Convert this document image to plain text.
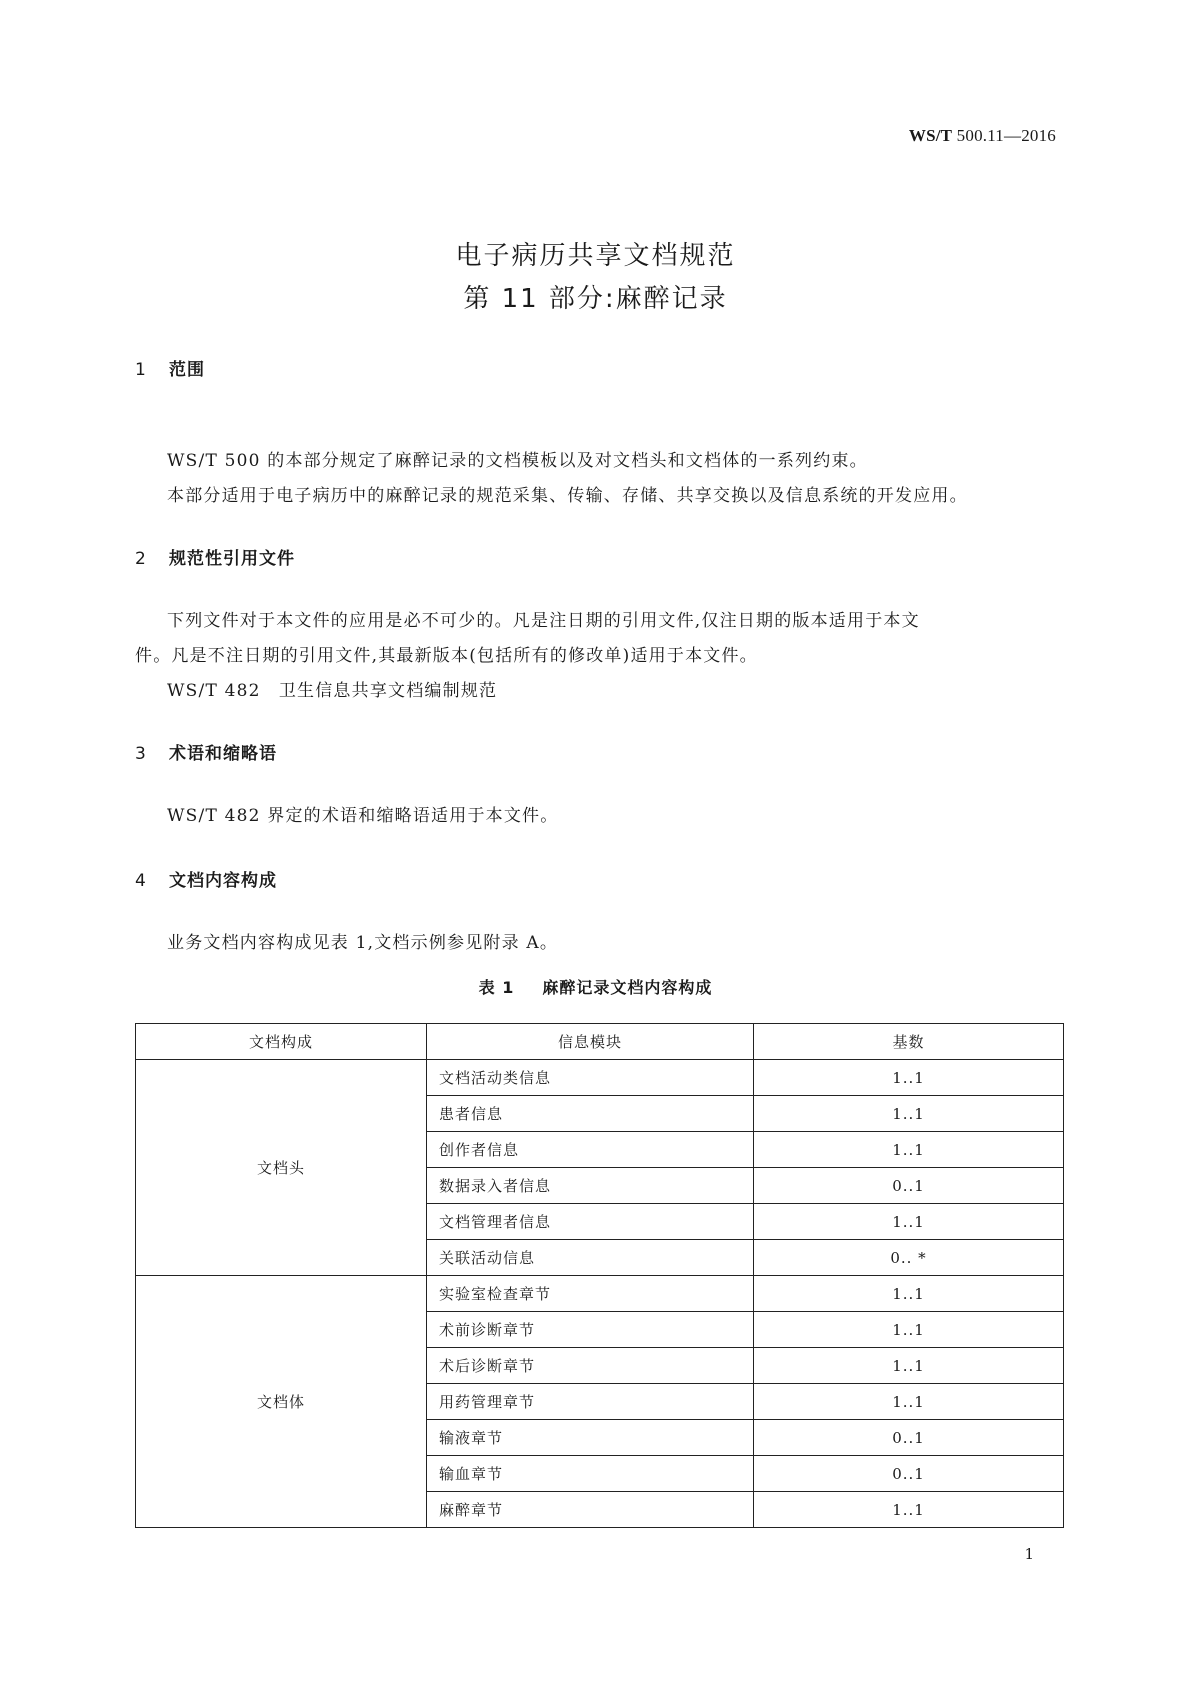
WS/T 500.11—2016
电子病历共享文档规范
第 11 部分:麻醉记录
1 范围
WS/T 500 的本部分规定了麻醉记录的文档模板以及对文档头和文档体的一系列约束。
本部分适用于电子病历中的麻醉记录的规范采集、传输、存储、共享交换以及信息系统的开发应用。
2 规范性引用文件
下列文件对于本文件的应用是必不可少的。凡是注日期的引用文件,仅注日期的版本适用于本文
件。凡是不注日期的引用文件,其最新版本(包括所有的修改单)适用于本文件。
WS/T 482　卫生信息共享文档编制规范
3 术语和缩略语
WS/T 482 界定的术语和缩略语适用于本文件。
4 文档内容构成
业务文档内容构成见表 1,文档示例参见附录 A。
表 1 麻醉记录文档内容构成
文档构成	信息模块	基数
文档头	文档活动类信息	1..1
	患者信息	1..1
	创作者信息	1..1
	数据录入者信息	0..1
	文档管理者信息	1..1
	关联活动信息	0.. *
文档体	实验室检查章节	1..1
	术前诊断章节	1..1
	术后诊断章节	1..1
	用药管理章节	1..1
	输液章节	0..1
	输血章节	0..1
	麻醉章节	1..1
1
